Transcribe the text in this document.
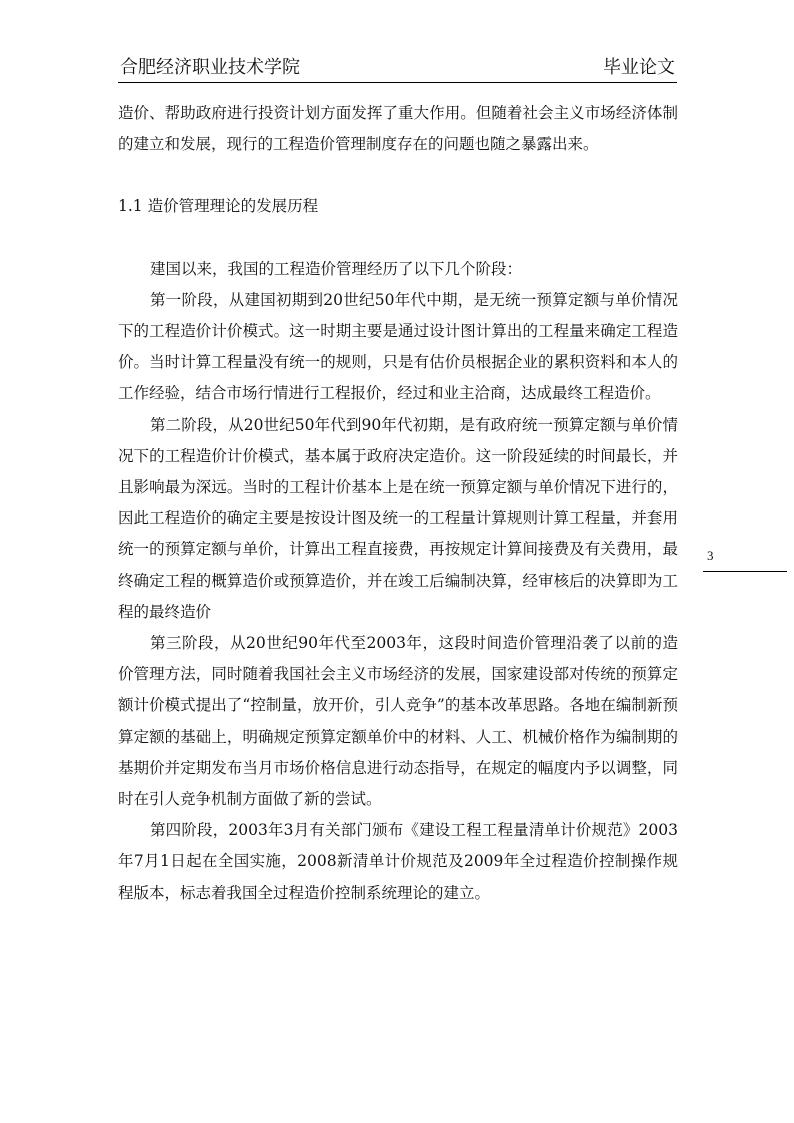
合肥经济职业技术学院	毕业论文

造价、帮助政府进行投资计划方面发挥了重大作用。但随着社会主义市场经济体制的建立和发展，现行的工程造价管理制度存在的问题也随之暴露出来。

1.1 造价管理理论的发展历程

建国以来，我国的工程造价管理经历了以下几个阶段：

第一阶段，从建国初期到20世纪50年代中期，是无统一预算定额与单价情况下的工程造价计价模式。这一时期主要是通过设计图计算出的工程量来确定工程造价。当时计算工程量没有统一的规则，只是有估价员根据企业的累积资料和本人的工作经验，结合市场行情进行工程报价，经过和业主洽商，达成最终工程造价。

第二阶段，从20世纪50年代到90年代初期，是有政府统一预算定额与单价情况下的工程造价计价模式，基本属于政府决定造价。这一阶段延续的时间最长，并且影响最为深远。当时的工程计价基本上是在统一预算定额与单价情况下进行的，因此工程造价的确定主要是按设计图及统一的工程量计算规则计算工程量，并套用统一的预算定额与单价，计算出工程直接费，再按规定计算间接费及有关费用，最终确定工程的概算造价或预算造价，并在竣工后编制决算，经审核后的决算即为工程的最终造价

第三阶段，从20世纪90年代至2003年，这段时间造价管理沿袭了以前的造价管理方法，同时随着我国社会主义市场经济的发展，国家建设部对传统的预算定额计价模式提出了“控制量，放开价，引人竞争”的基本改革思路。各地在编制新预算定额的基础上，明确规定预算定额单价中的材料、人工、机械价格作为编制期的基期价并定期发布当月市场价格信息进行动态指导，在规定的幅度内予以调整，同时在引人竞争机制方面做了新的尝试。

第四阶段，2003年3月有关部门颁布《建设工程工程量清单计价规范》2003年7月1日起在全国实施，2008新清单计价规范及2009年全过程造价控制操作规程版本，标志着我国全过程造价控制系统理论的建立。

3
